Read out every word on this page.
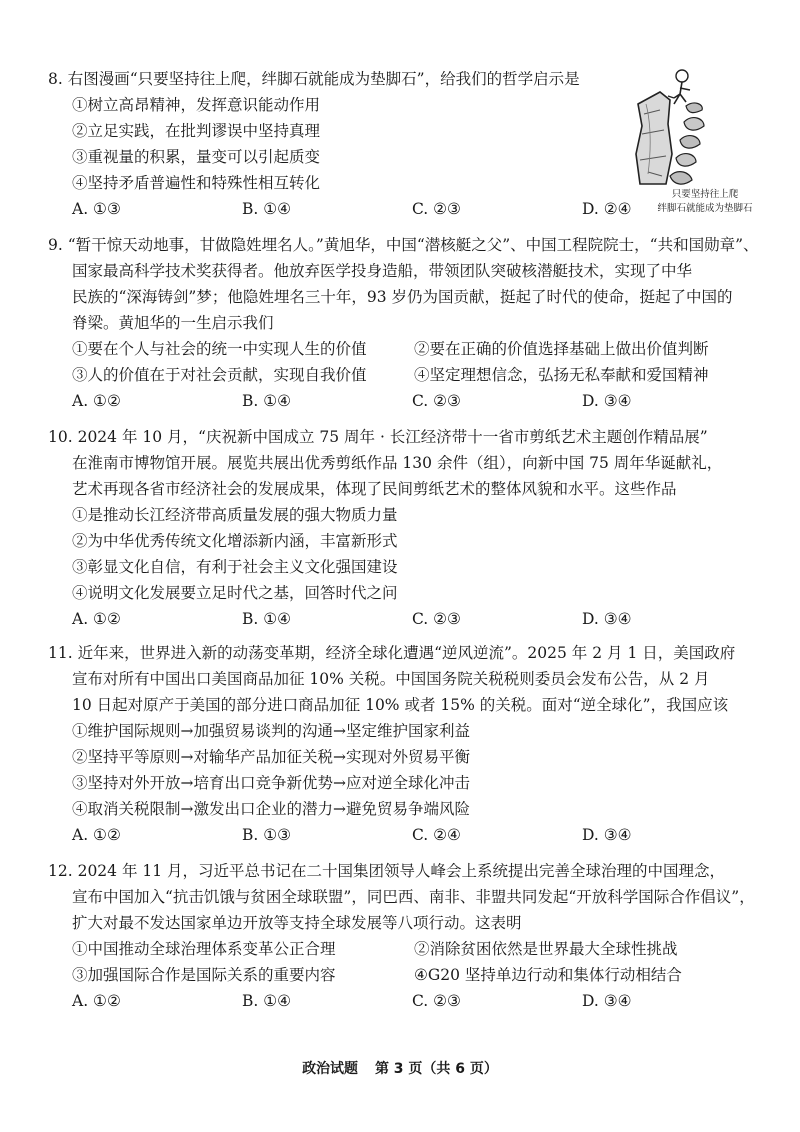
8. 右图漫画“只要坚持往上爬，绊脚石就能成为垫脚石”，给我们的哲学启示是
①树立高昂精神，发挥意识能动作用
②立足实践，在批判谬误中坚持真理
③重视量的积累，量变可以引起质变
④坚持矛盾普遍性和特殊性相互转化
A. ①③	B. ①④	C. ②③	D. ②④
只要坚持往上爬
绊脚石就能成为垫脚石
9. “暂干惊天动地事，甘做隐姓埋名人。”黄旭华，中国“潜核艇之父”、中国工程院院士，“共和国勋章”、
国家最高科学技术奖获得者。他放弃医学投身造船，带领团队突破核潜艇技术，实现了中华
民族的“深海铸剑”梦；他隐姓埋名三十年，93 岁仍为国贡献，挺起了时代的使命，挺起了中国的
脊梁。黄旭华的一生启示我们
①要在个人与社会的统一中实现人生的价值	②要在正确的价值选择基础上做出价值判断
③人的价值在于对社会贡献，实现自我价值	④坚定理想信念，弘扬无私奉献和爱国精神
A. ①②	B. ①④	C. ②③	D. ③④
10. 2024 年 10 月，“庆祝新中国成立 75 周年 · 长江经济带十一省市剪纸艺术主题创作精品展”
在淮南市博物馆开展。展览共展出优秀剪纸作品 130 余件（组），向新中国 75 周年华诞献礼，
艺术再现各省市经济社会的发展成果，体现了民间剪纸艺术的整体风貌和水平。这些作品
①是推动长江经济带高质量发展的强大物质力量
②为中华优秀传统文化增添新内涵，丰富新形式
③彰显文化自信，有利于社会主义文化强国建设
④说明文化发展要立足时代之基，回答时代之问
A. ①②	B. ①④	C. ②③	D. ③④
11. 近年来，世界进入新的动荡变革期，经济全球化遭遇“逆风逆流”。2025 年 2 月 1 日，美国政府
宣布对所有中国出口美国商品加征 10% 关税。中国国务院关税税则委员会发布公告，从 2 月
10 日起对原产于美国的部分进口商品加征 10% 或者 15% 的关税。面对“逆全球化”，我国应该
①维护国际规则→加强贸易谈判的沟通→坚定维护国家利益
②坚持平等原则→对输华产品加征关税→实现对外贸易平衡
③坚持对外开放→培育出口竞争新优势→应对逆全球化冲击
④取消关税限制→激发出口企业的潜力→避免贸易争端风险
A. ①②	B. ①③	C. ②④	D. ③④
12. 2024 年 11 月，习近平总书记在二十国集团领导人峰会上系统提出完善全球治理的中国理念，
宣布中国加入“抗击饥饿与贫困全球联盟”，同巴西、南非、非盟共同发起“开放科学国际合作倡议”，
扩大对最不发达国家单边开放等支持全球发展等八项行动。这表明
①中国推动全球治理体系变革公正合理	②消除贫困依然是世界最大全球性挑战
③加强国际合作是国际关系的重要内容	④G20 坚持单边行动和集体行动相结合
A. ①②	B. ①④	C. ②③	D. ③④
政治试题 第 3 页（共 6 页）
